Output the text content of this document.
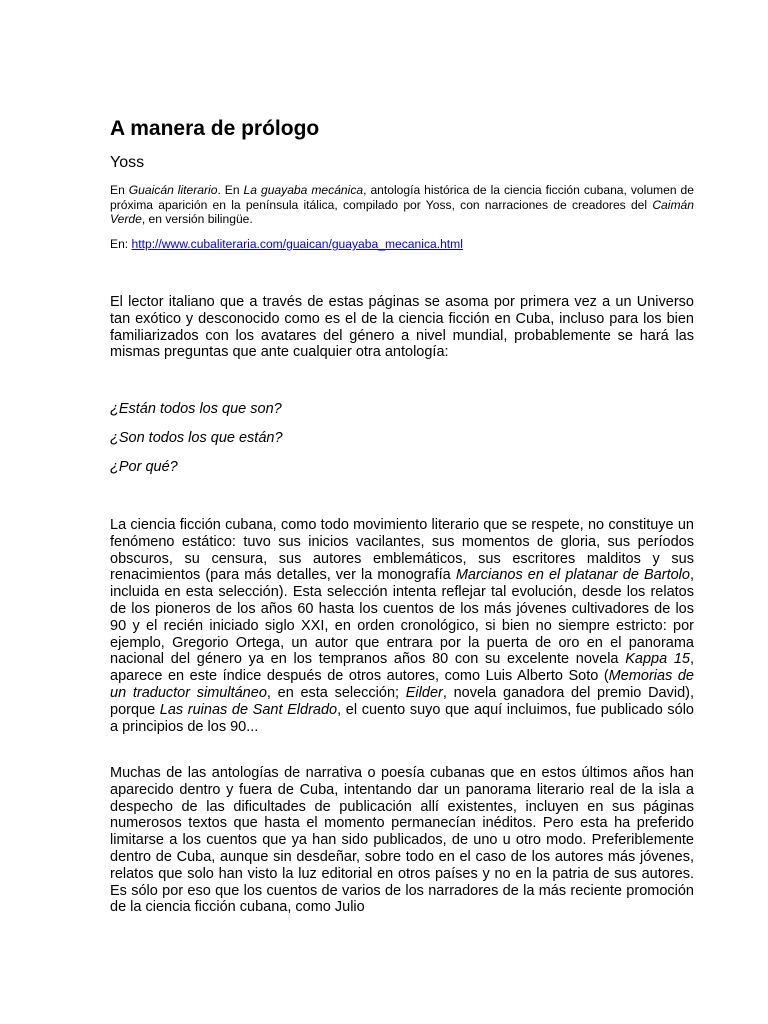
A manera de prólogo

Yoss

En Guaicán literario. En La guayaba mecánica, antología histórica de la ciencia ficción cubana, volumen de próxima aparición en la península itálica, compilado por Yoss, con narraciones de creadores del Caimán Verde, en versión bilingüe.

En: http://www.cubaliteraria.com/guaican/guayaba_mecanica.html

El lector italiano que a través de estas páginas se asoma por primera vez a un Universo tan exótico y desconocido como es el de la ciencia ficción en Cuba, incluso para los bien familiarizados con los avatares del género a nivel mundial, probablemente se hará las mismas preguntas que ante cualquier otra antología:

¿Están todos los que son?

¿Son todos los que están?

¿Por qué?

La ciencia ficción cubana, como todo movimiento literario que se respete, no constituye un fenómeno estático: tuvo sus inicios vacilantes, sus momentos de gloria, sus períodos obscuros, su censura, sus autores emblemáticos, sus escritores malditos y sus renacimientos (para más detalles, ver la monografía Marcianos en el platanar de Bartolo, incluida en esta selección). Esta selección intenta reflejar tal evolución, desde los relatos de los pioneros de los años 60 hasta los cuentos de los más jóvenes cultivadores de los 90 y el recién iniciado siglo XXI, en orden cronológico, si bien no siempre estricto: por ejemplo, Gregorio Ortega, un autor que entrara por la puerta de oro en el panorama nacional del género ya en los tempranos años 80 con su excelente novela Kappa 15, aparece en este índice después de otros autores, como Luis Alberto Soto (Memorias de un traductor simultáneo, en esta selección; Eilder, novela ganadora del premio David), porque Las ruinas de Sant Eldrado, el cuento suyo que aquí incluimos, fue publicado sólo a principios de los 90...

Muchas de las antologías de narrativa o poesía cubanas que en estos últimos años han aparecido dentro y fuera de Cuba, intentando dar un panorama literario real de la isla a despecho de las dificultades de publicación allí existentes, incluyen en sus páginas numerosos textos que hasta el momento permanecían inéditos. Pero esta ha preferido limitarse a los cuentos que ya han sido publicados, de uno u otro modo. Preferiblemente dentro de Cuba, aunque sin desdeñar, sobre todo en el caso de los autores más jóvenes, relatos que solo han visto la luz editorial en otros países y no en la patria de sus autores. Es sólo por eso que los cuentos de varios de los narradores de la más reciente promoción de la ciencia ficción cubana, como Julio
